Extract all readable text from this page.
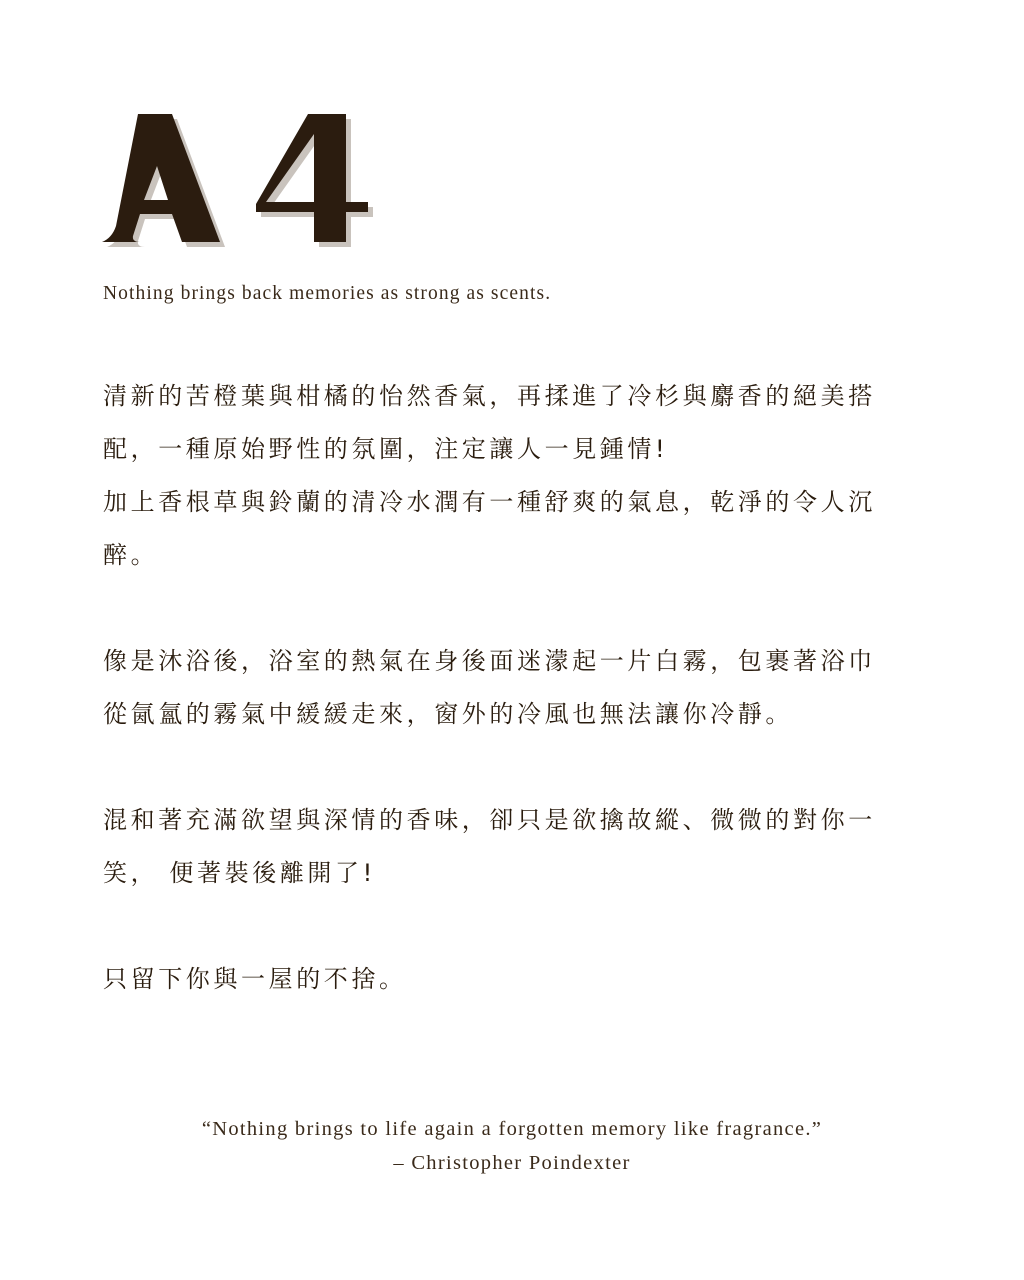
Nothing brings back memories as strong as scents.

清新的苦橙葉與柑橘的怡然香氣，再揉進了冷杉與麝香的絕美搭
配，一種原始野性的氛圍，注定讓人一見鍾情!
加上香根草與鈴蘭的清冷水潤有一種舒爽的氣息，乾淨的令人沉
醉。

像是沐浴後，浴室的熱氣在身後面迷濛起一片白霧，包裹著浴巾
從氤氳的霧氣中緩緩走來，窗外的冷風也無法讓你冷靜。

混和著充滿欲望與深情的香味，卻只是欲擒故縱、微微的對你一
笑， 便著裝後離開了!

只留下你與一屋的不捨。

“Nothing brings to life again a forgotten memory like fragrance.”
– Christopher Poindexter
